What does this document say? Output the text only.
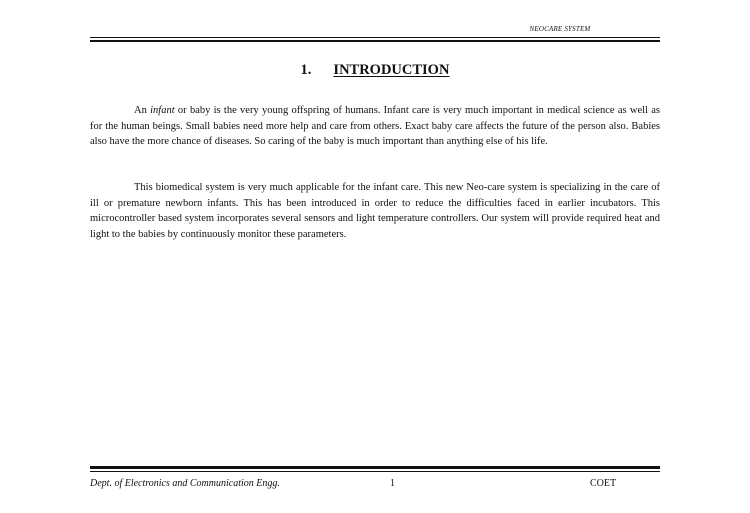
NEOCARE SYSTEM
1. INTRODUCTION

An infant or baby is the very young offspring of humans. Infant care is very much important in medical science as well as for the human beings. Small babies need more help and care from others. Exact baby care affects the future of the person also. Babies also have the more chance of diseases. So caring of the baby is much important than anything else of his life.

This biomedical system is very much applicable for the infant care. This new Neo-care system is specializing in the care of ill or premature newborn infants. This has been introduced in order to reduce the difficulties faced in earlier incubators. This microcontroller based system incorporates several sensors and light temperature controllers. Our system will provide required heat and light to the babies by continuously monitor these parameters.

Dept. of Electronics and Communication Engg.	1	COET
